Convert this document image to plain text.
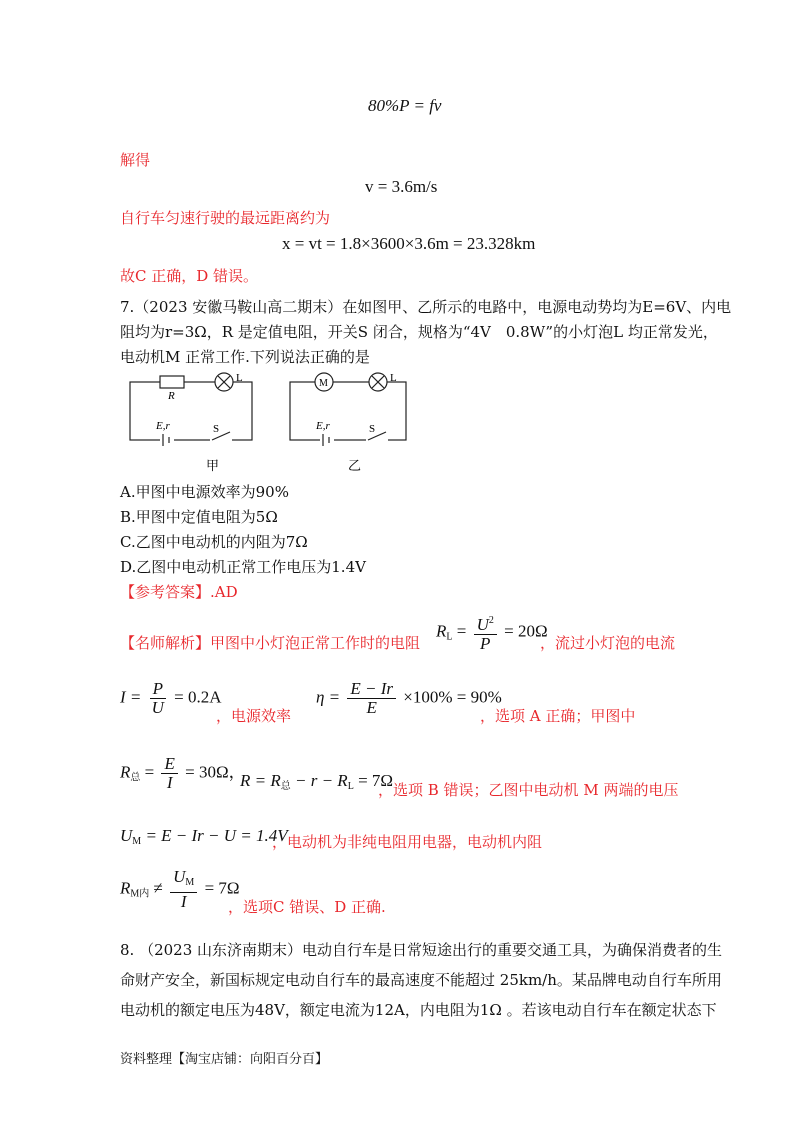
80%P = fv
解得
v = 3.6m/s
自行车匀速行驶的最远距离约为
x = vt = 1.8×3600×3.6m = 23.328km
故C 正确，D 错误。
7.（2023 安徽马鞍山高二期末）在如图甲、乙所示的电路中，电源电动势均为E=6V、内电
阻均为r=3Ω，R 是定值电阻，开关S 闭合，规格为“4V　0.8W”的小灯泡L 均正常发光，
电动机M 正常工作.下列说法正确的是
R
L
E,r	S
甲
M	L
E,r	S
乙
A.甲图中电源效率为90%
B.甲图中定值电阻为5Ω
C.乙图中电动机的内阻为7Ω
D.乙图中电动机正常工作电压为1.4V
【参考答案】.AD
【名师解析】甲图中小灯泡正常工作时的电阻
$R_L = \frac{U^2}{P} = 20\Omega$
，流过小灯泡的电流
$I = \frac{P}{U} = 0.2A$
，电源效率
$\eta = \frac{E - Ir}{E} \times 100\% = 90\%$
，选项 A 正确；甲图中
$R_总 = \frac{E}{I} = 30\Omega$，
$R = R_总 - r - R_L = 7\Omega$
，选项 B 错误；乙图中电动机 M 两端的电压
$U_M = E - Ir - U = 1.4V$
，电动机为非纯电阻用电器，电动机内阻
$R_{M内} \ne \frac{U_M}{I} = 7\Omega$
，选项C 错误、D 正确.
8. （2023 山东济南期末）电动自行车是日常短途出行的重要交通工具，为确保消费者的生
命财产安全，新国标规定电动自行车的最高速度不能超过 25km/h。某品牌电动自行车所用
电动机的额定电压为48V，额定电流为12A，内电阻为1Ω 。若该电动自行车在额定状态下
资料整理【淘宝店铺：向阳百分百】
